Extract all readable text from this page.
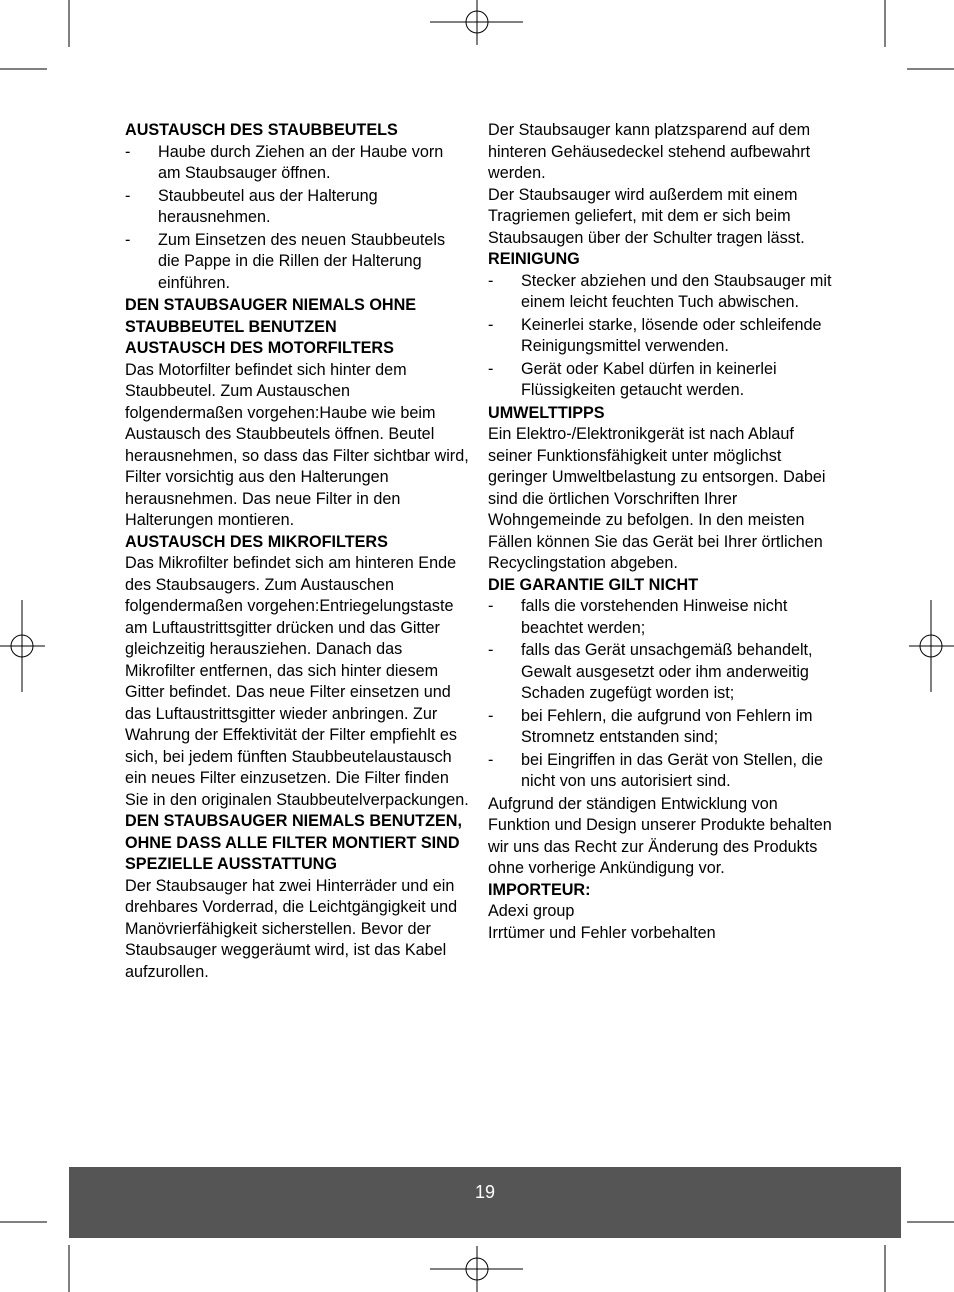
AUSTAUSCH DES STAUBBEUTELS

- Haube durch Ziehen an der Haube vorn am Staubsauger öffnen.
- Staubbeutel aus der Halterung herausnehmen.
- Zum Einsetzen des neuen Staubbeutels die Pappe in die Rillen der Halterung einführen.

DEN STAUBSAUGER NIEMALS OHNE STAUBBEUTEL BENUTZEN

AUSTAUSCH DES MOTORFILTERS

Das Motorfilter befindet sich hinter dem Staubbeutel. Zum Austauschen folgendermaßen vorgehen:Haube wie beim Austausch des Staubbeutels öffnen. Beutel herausnehmen, so dass das Filter sichtbar wird, Filter vorsichtig aus den Halterungen herausnehmen. Das neue Filter in den Halterungen montieren.

AUSTAUSCH DES MIKROFILTERS

Das Mikrofilter befindet sich am hinteren Ende des Staubsaugers. Zum Austauschen folgendermaßen vorgehen:Entriegelungstaste am Luftaustrittsgitter drücken und das Gitter gleichzeitig herausziehen. Danach das Mikrofilter entfernen, das sich hinter diesem Gitter befindet. Das neue Filter einsetzen und das Luftaustrittsgitter wieder anbringen. Zur Wahrung der Effektivität der Filter empfiehlt es sich, bei jedem fünften Staubbeutelaustausch ein neues Filter einzusetzen. Die Filter finden Sie in den originalen Staubbeutelverpackungen.

DEN STAUBSAUGER NIEMALS BENUTZEN, OHNE DASS ALLE FILTER MONTIERT SIND

SPEZIELLE AUSSTATTUNG

Der Staubsauger hat zwei Hinterräder und ein drehbares Vorderrad, die Leichtgängigkeit und Manövrierfähigkeit sicherstellen. Bevor der Staubsauger weggeräumt wird, ist das Kabel aufzurollen.

Der Staubsauger kann platzsparend auf dem hinteren Gehäusedeckel stehend aufbewahrt werden.

Der Staubsauger wird außerdem mit einem Tragriemen geliefert, mit dem er sich beim Staubsaugen über der Schulter tragen lässt.

REINIGUNG

- Stecker abziehen und den Staubsauger mit einem leicht feuchten Tuch abwischen.
- Keinerlei starke, lösende oder schleifende Reinigungsmittel verwenden.
- Gerät oder Kabel dürfen in keinerlei Flüssigkeiten getaucht werden.

UMWELTTIPPS

Ein Elektro-/Elektronikgerät ist nach Ablauf seiner Funktionsfähigkeit unter möglichst geringer Umweltbelastung zu entsorgen. Dabei sind die örtlichen Vorschriften Ihrer Wohngemeinde zu befolgen. In den meisten Fällen können Sie das Gerät bei Ihrer örtlichen Recyclingstation abgeben.

DIE GARANTIE GILT NICHT

- falls die vorstehenden Hinweise nicht beachtet werden;
- falls das Gerät unsachgemäß behandelt, Gewalt ausgesetzt oder ihm anderweitig Schaden zugefügt worden ist;
- bei Fehlern, die aufgrund von Fehlern im Stromnetz entstanden sind;
- bei Eingriffen in das Gerät von Stellen, die nicht von uns autorisiert sind.

Aufgrund der ständigen Entwicklung von Funktion und Design unserer Produkte behalten wir uns das Recht zur Änderung des Produkts ohne vorherige Ankündigung vor.

IMPORTEUR:

Adexi group

Irrtümer und Fehler vorbehalten

19
